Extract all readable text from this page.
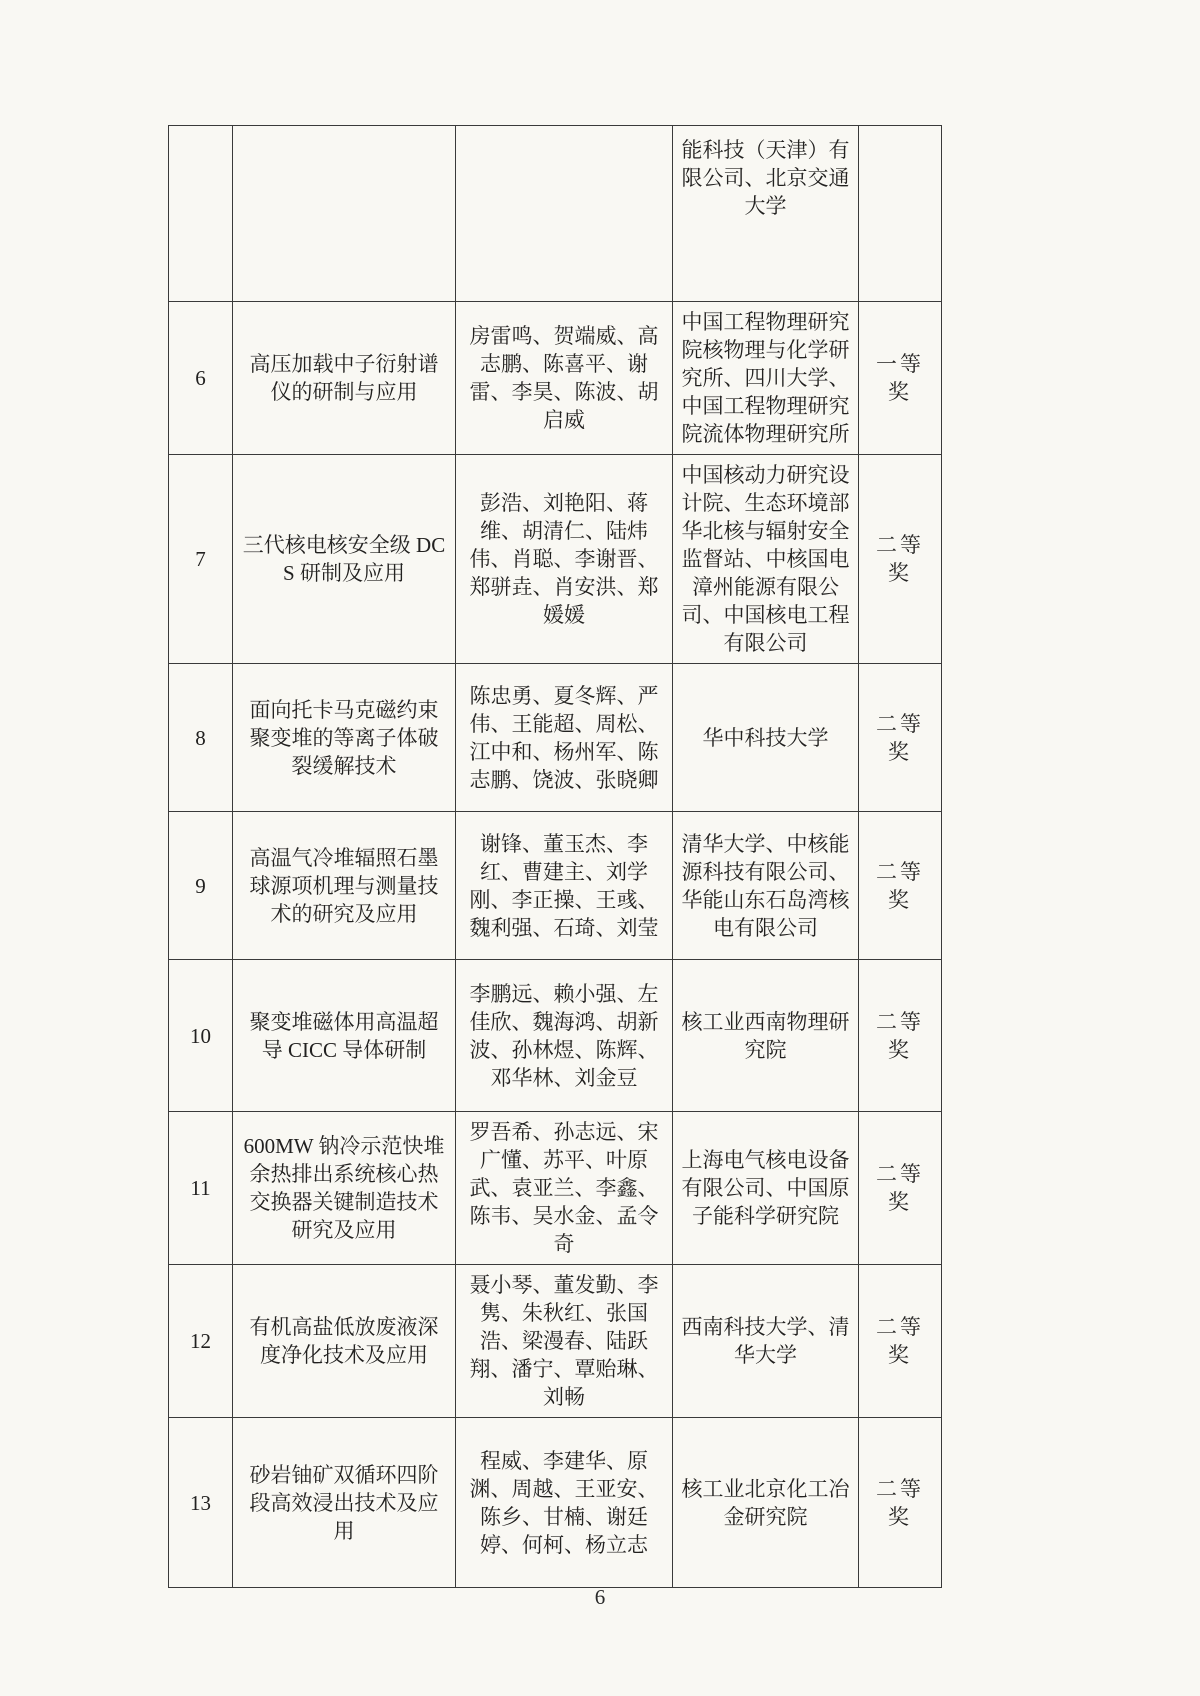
			能科技（天津）有限公司、北京交通大学	
6	高压加载中子衍射谱仪的研制与应用	房雷鸣、贺端威、高志鹏、陈喜平、谢雷、李昊、陈波、胡启威	中国工程物理研究院核物理与化学研究所、四川大学、中国工程物理研究院流体物理研究所	一等奖
7	三代核电核安全级 DCS 研制及应用	彭浩、刘艳阳、蒋维、胡清仁、陆炜伟、肖聪、李谢晋、郑骈垚、肖安洪、郑媛媛	中国核动力研究设计院、生态环境部华北核与辐射安全监督站、中核国电漳州能源有限公司、中国核电工程有限公司	二等奖
8	面向托卡马克磁约束聚变堆的等离子体破裂缓解技术	陈忠勇、夏冬辉、严伟、王能超、周松、江中和、杨州军、陈志鹏、饶波、张晓卿	华中科技大学	二等奖
9	高温气冷堆辐照石墨球源项机理与测量技术的研究及应用	谢锋、董玉杰、李红、曹建主、刘学刚、李正操、王彧、魏利强、石琦、刘莹	清华大学、中核能源科技有限公司、华能山东石岛湾核电有限公司	二等奖
10	聚变堆磁体用高温超导 CICC 导体研制	李鹏远、赖小强、左佳欣、魏海鸿、胡新波、孙林煜、陈辉、邓华林、刘金豆	核工业西南物理研究院	二等奖
11	600MW 钠冷示范快堆余热排出系统核心热交换器关键制造技术研究及应用	罗吾希、孙志远、宋广懂、苏平、叶原武、袁亚兰、李鑫、陈韦、吴水金、孟令奇	上海电气核电设备有限公司、中国原子能科学研究院	二等奖
12	有机高盐低放废液深度净化技术及应用	聂小琴、董发勤、李隽、朱秋红、张国浩、梁漫春、陆跃翔、潘宁、覃贻琳、刘畅	西南科技大学、清华大学	二等奖
13	砂岩铀矿双循环四阶段高效浸出技术及应用	程威、李建华、原渊、周越、王亚安、陈乡、甘楠、谢廷婷、何柯、杨立志	核工业北京化工冶金研究院	二等奖
6
